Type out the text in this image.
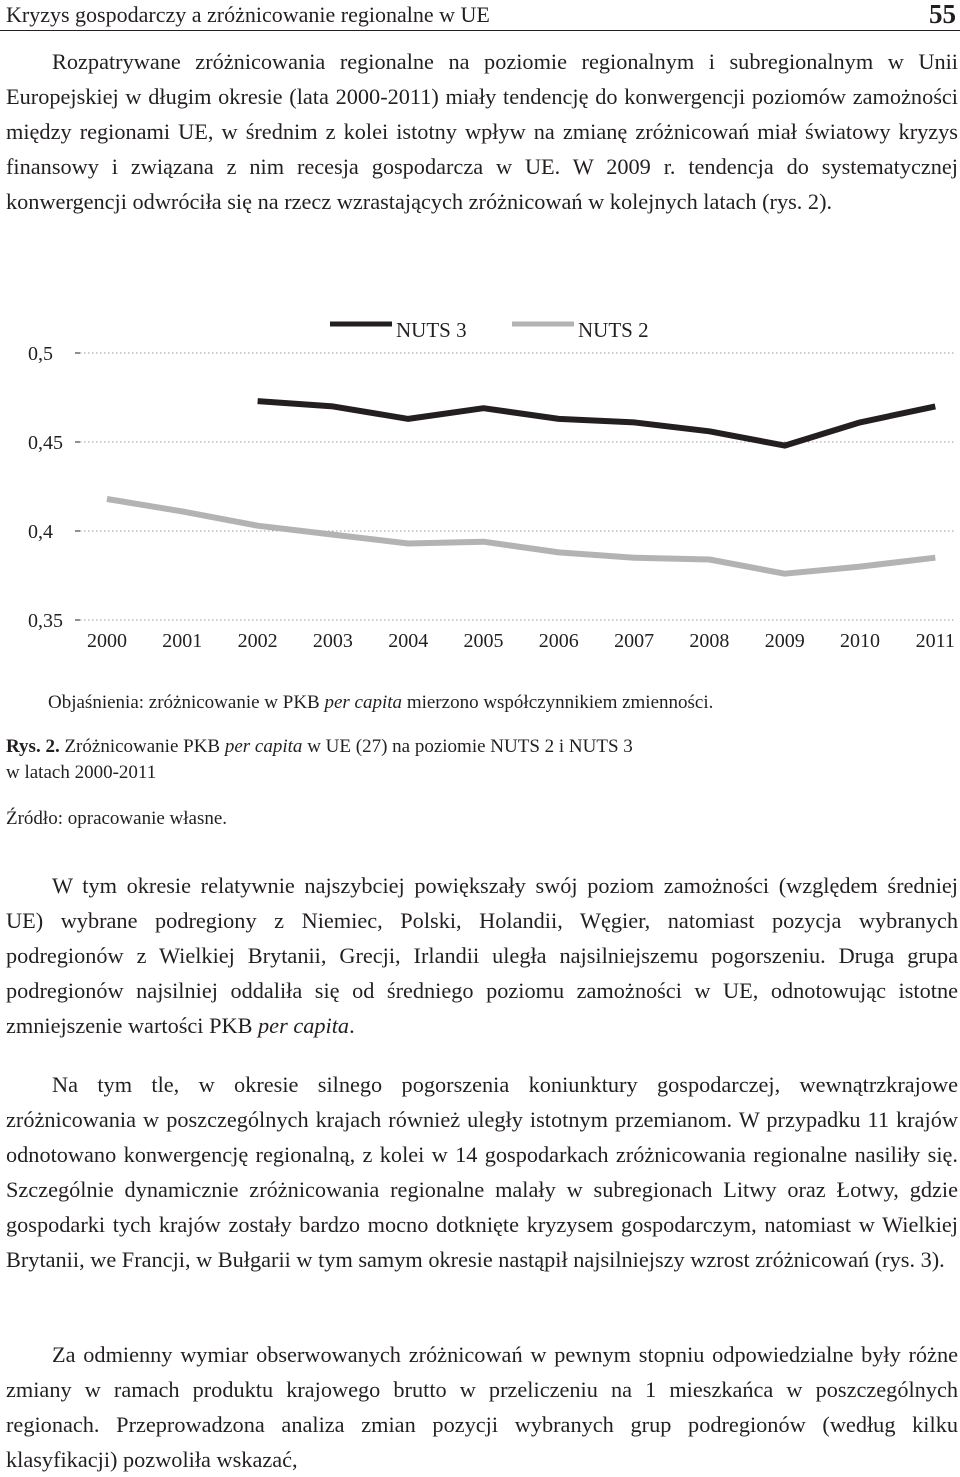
Kryzys gospodarczy a zróżnicowanie regionalne w UE	55

Rozpatrywane zróżnicowania regionalne na poziomie regionalnym i subregionalnym w Unii Europejskiej w długim okresie (lata 2000-2011) miały tendencję do konwergencji poziomów zamożności między regionami UE, w średnim z kolei istotny wpływ na zmianę zróżnicowań miał światowy kryzys finansowy i związana z nim recesja gospodarcza w UE. W 2009 r. tendencja do systematycznej konwergencji odwróciła się na rzecz wzrastających zróżnicowań w kolejnych latach (rys. 2).

0,5
0,45
0,4
0,35
2000 2001 2002 2003 2004 2005 2006 2007 2008 2009 2010 2011
NUTS 3	NUTS 2

Objaśnienia: zróżnicowanie w PKB per capita mierzono współczynnikiem zmienności.

Rys. 2. Zróżnicowanie PKB per capita w UE (27) na poziomie NUTS 2 i NUTS 3
w latach 2000-2011

Źródło: opracowanie własne.

W tym okresie relatywnie najszybciej powiększały swój poziom zamożności (względem średniej UE) wybrane podregiony z Niemiec, Polski, Holandii, Węgier, natomiast pozycja wybranych podregionów z Wielkiej Brytanii, Grecji, Irlandii uległa najsilniejszemu pogorszeniu. Druga grupa podregionów najsilniej oddaliła się od średniego poziomu zamożności w UE, odnotowując istotne zmniejszenie wartości PKB per capita.

Na tym tle, w okresie silnego pogorszenia koniunktury gospodarczej, wewnątrzkrajowe zróżnicowania w poszczególnych krajach również uległy istotnym przemianom. W przypadku 11 krajów odnotowano konwergencję regionalną, z kolei w 14 gospodarkach zróżnicowania regionalne nasiliły się. Szczególnie dynamicznie zróżnicowania regionalne malały w subregionach Litwy oraz Łotwy, gdzie gospodarki tych krajów zostały bardzo mocno dotknięte kryzysem gospodarczym, natomiast w Wielkiej Brytanii, we Francji, w Bułgarii w tym samym okresie nastąpił najsilniejszy wzrost zróżnicowań (rys. 3).

Za odmienny wymiar obserwowanych zróżnicowań w pewnym stopniu odpowiedzialne były różne zmiany w ramach produktu krajowego brutto w przeliczeniu na 1 mieszkańca w poszczególnych regionach. Przeprowadzona analiza zmian pozycji wybranych grup podregionów (według kilku klasyfikacji) pozwoliła wskazać,
